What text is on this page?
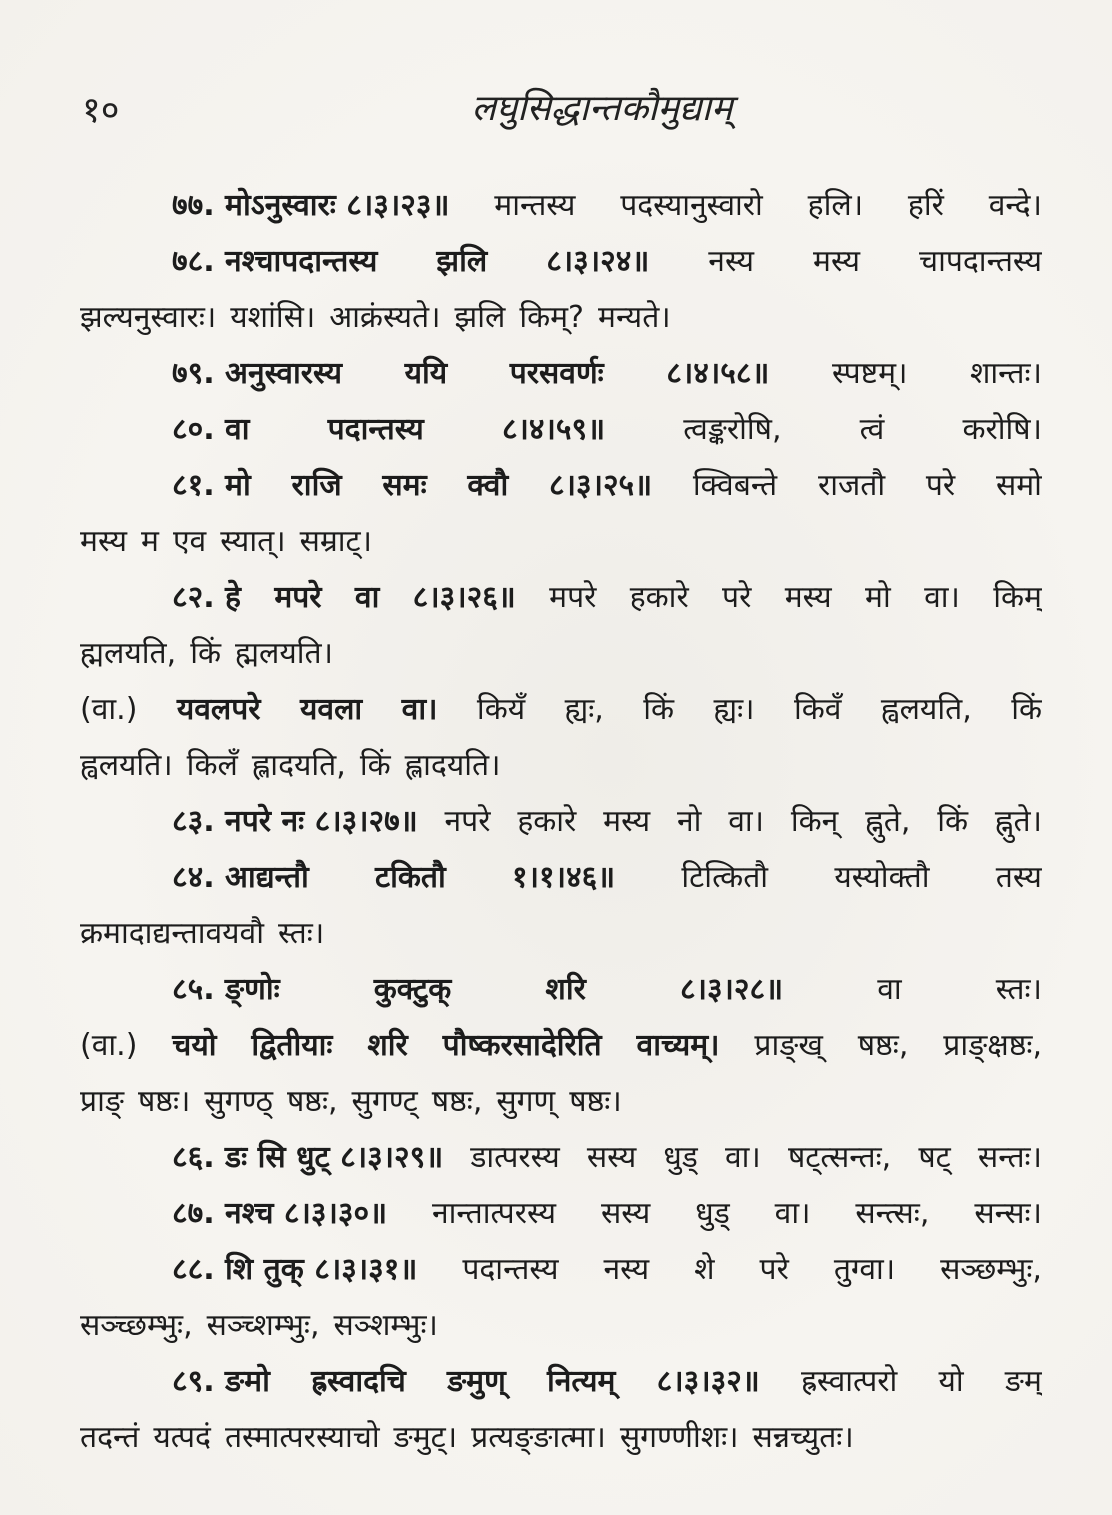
१०	लघुसिद्धान्तकौमुद्याम्
७७. मोऽनुस्वारः ८।३।२३॥ मान्तस्य पदस्यानुस्वारो हलि। हरिं वन्दे।
७८. नश्चापदान्तस्य झलि ८।३।२४॥ नस्य मस्य चापदान्तस्य
झल्यनुस्वारः। यशांसि। आक्रंस्यते। झलि किम्? मन्यते।
७९. अनुस्वारस्य ययि परसवर्णः ८।४।५८॥ स्पष्टम्। शान्तः।
८०. वा	पदान्तस्य	८।४।५९॥	त्वङ्करोषि,	त्वं	करोषि।
८१. मो राजि समः क्वौ ८।३।२५॥ क्विबन्ते राजतौ परे समो
मस्य म एव स्यात्। सम्राट्।
८२. हे मपरे वा ८।३।२६॥ मपरे हकारे परे मस्य मो वा। किम्
ह्मलयति, किं ह्मलयति।
(वा.) यवलपरे यवला वा। कियँ ह्यः, किं ह्यः। किवँ ह्वलयति, किं
ह्वलयति। किलँ ह्लादयति, किं ह्लादयति।
८३. नपरे नः ८।३।२७॥ नपरे हकारे मस्य नो वा। किन् ह्नुते, किं ह्नुते।
८४. आद्यन्तौ टकितौ १।१।४६॥ टित्कितौ यस्योक्तौ तस्य
क्रमादाद्यन्तावयवौ स्तः।
८५. ङ्णोः	कुक्टुक्	शरि	८।३।२८॥	वा	स्तः।
(वा.) चयो द्वितीयाः शरि पौष्करसादेरिति वाच्यम्। प्राङ्ख् षष्ठः, प्राङ्क्षष्ठः,
प्राङ् षष्ठः। सुगण्ठ् षष्ठः, सुगण्ट् षष्ठः, सुगण् षष्ठः।
८६. डः सि धुट् ८।३।२९॥ डात्परस्य सस्य धुड् वा। षट्त्सन्तः, षट् सन्तः।
८७. नश्च ८।३।३०॥ नान्तात्परस्य सस्य धुड् वा। सन्त्सः, सन्सः।
८८. शि तुक् ८।३।३१॥ पदान्तस्य नस्य शे परे तुग्वा। सञ्छम्भुः,
सञ्च्छम्भुः, सञ्च्शम्भुः, सञ्शम्भुः।
८९. ङमो ह्रस्वादचि ङमुण् नित्यम् ८।३।३२॥ ह्रस्वात्परो यो ङम्
तदन्तं यत्पदं तस्मात्परस्याचो ङमुट्। प्रत्यङ्ङात्मा। सुगण्णीशः। सन्नच्युतः।
